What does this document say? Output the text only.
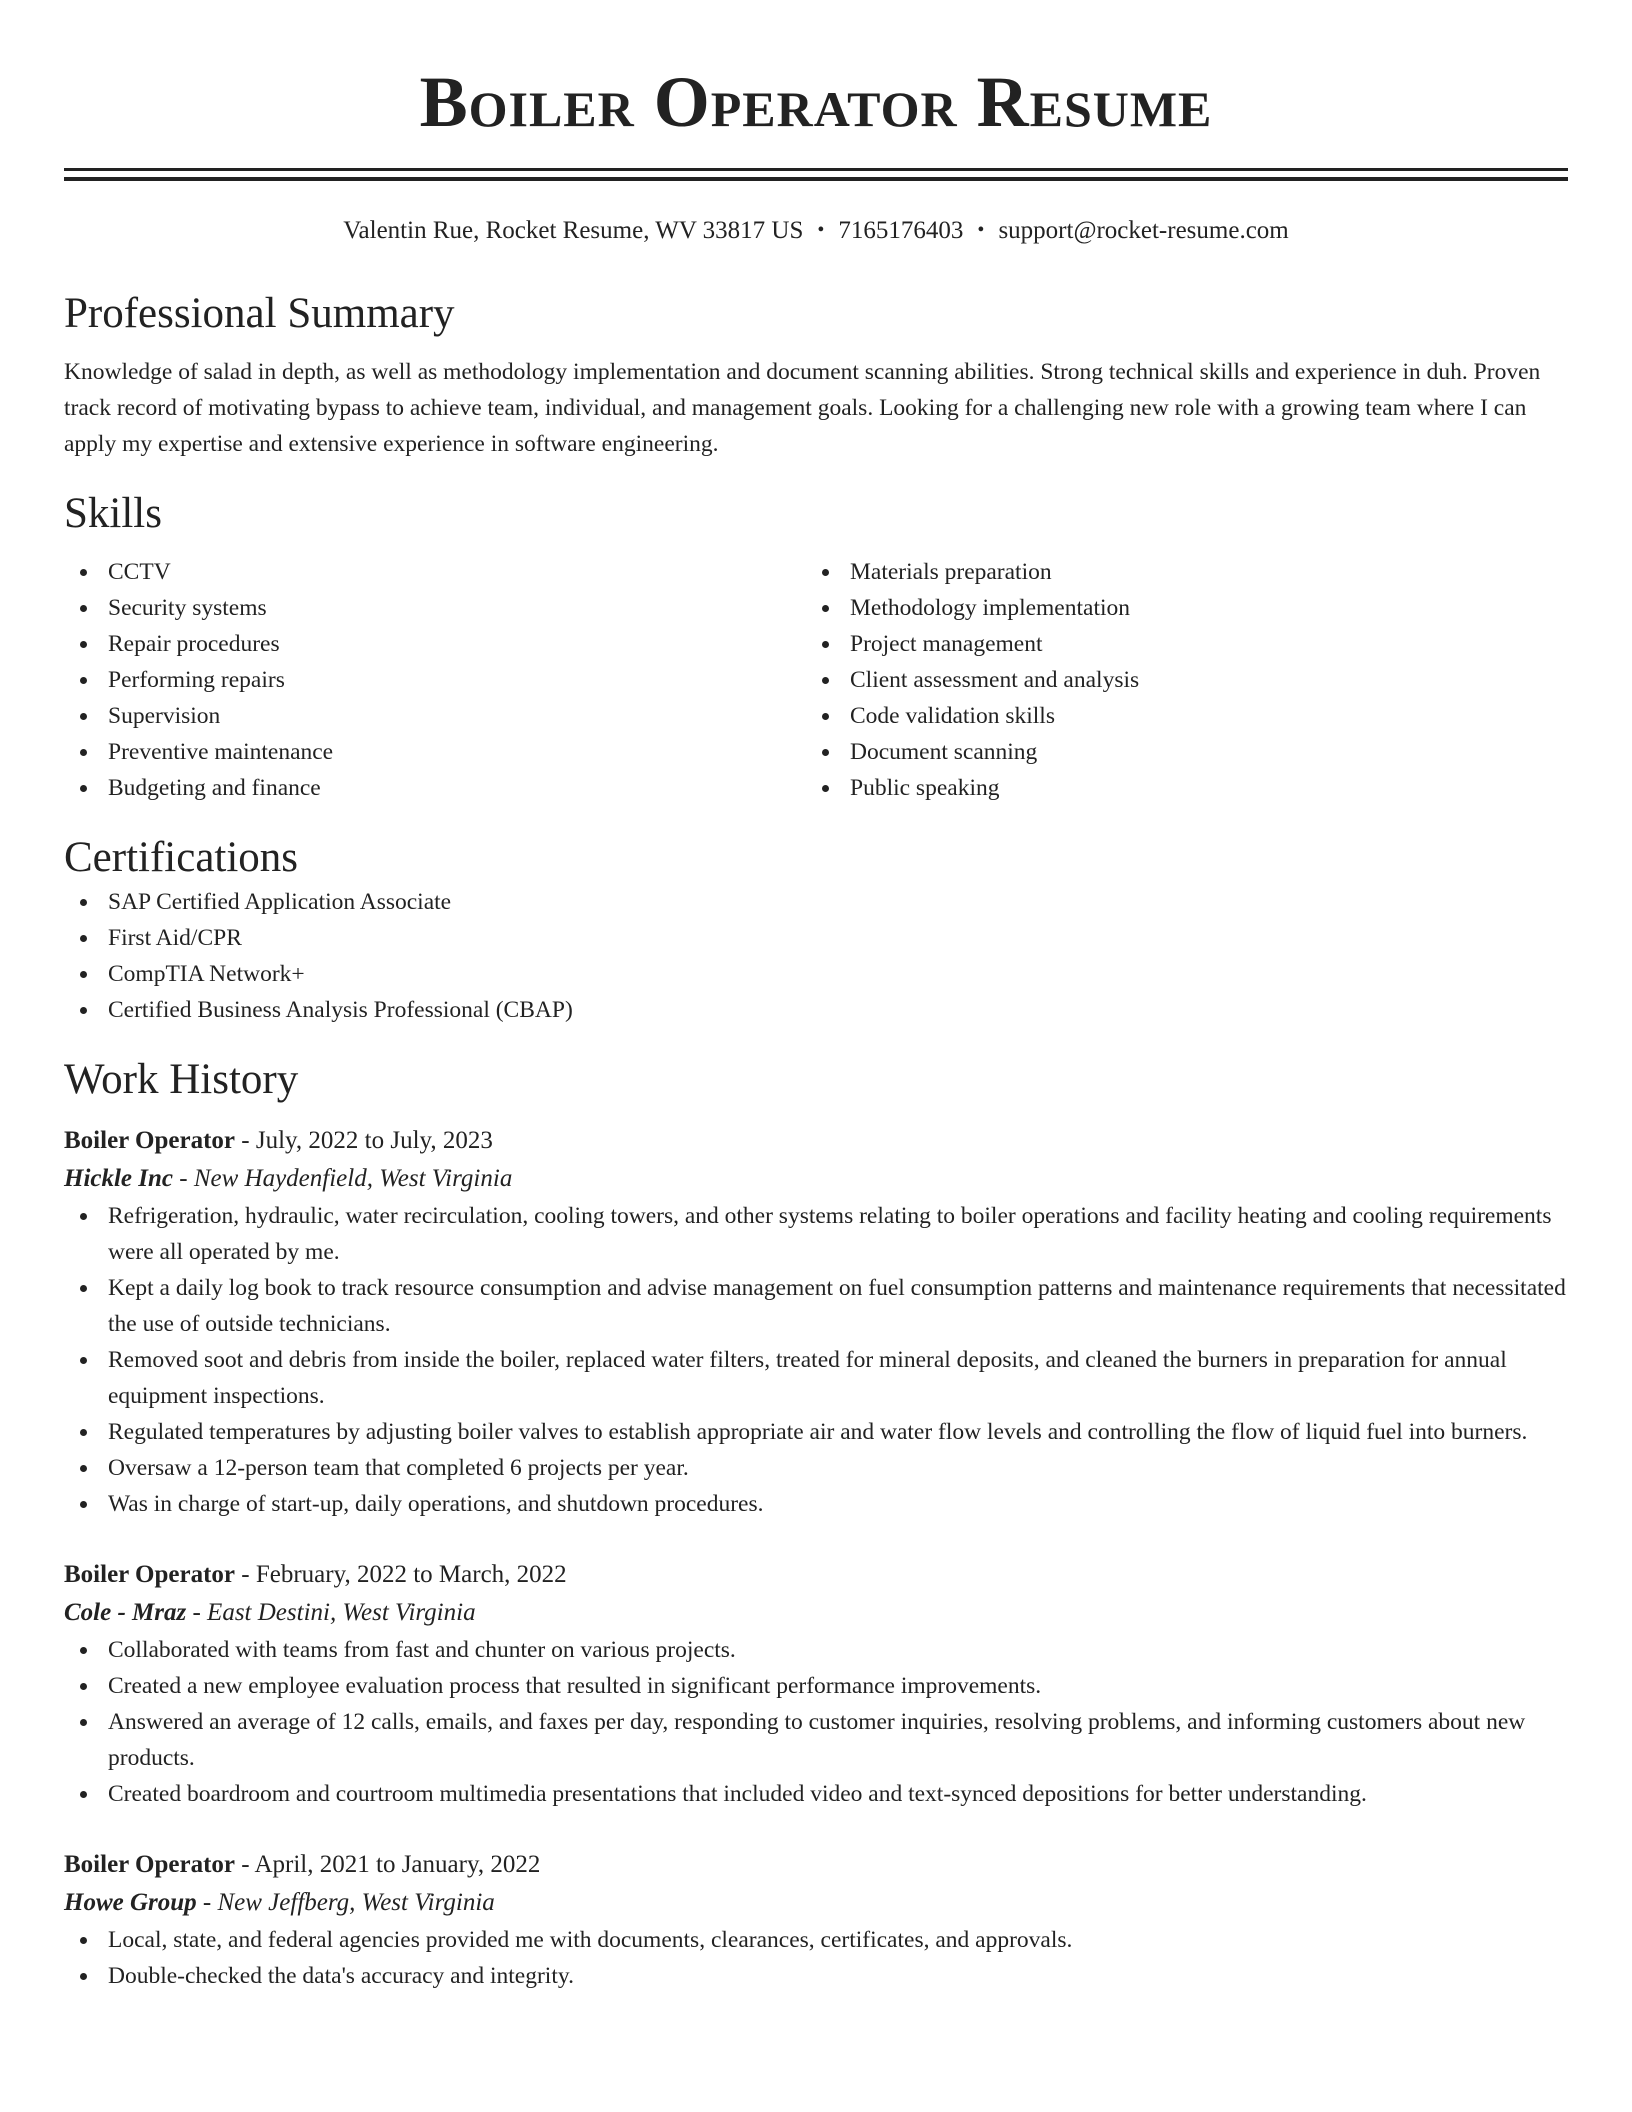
Boiler Operator Resume
Valentin Rue, Rocket Resume, WV 33817 US • 7165176403 • support@rocket-resume.com
Professional Summary
Knowledge of salad in depth, as well as methodology implementation and document scanning abilities. Strong technical skills and experience in duh. Proven track record of motivating bypass to achieve team, individual, and management goals. Looking for a challenging new role with a growing team where I can apply my expertise and extensive experience in software engineering.
Skills
CCTV
Security systems
Repair procedures
Performing repairs
Supervision
Preventive maintenance
Budgeting and finance
Materials preparation
Methodology implementation
Project management
Client assessment and analysis
Code validation skills
Document scanning
Public speaking
Certifications
SAP Certified Application Associate
First Aid/CPR
CompTIA Network+
Certified Business Analysis Professional (CBAP)
Work History
Boiler Operator - July, 2022 to July, 2023
Hickle Inc - New Haydenfield, West Virginia
Refrigeration, hydraulic, water recirculation, cooling towers, and other systems relating to boiler operations and facility heating and cooling requirements were all operated by me.
Kept a daily log book to track resource consumption and advise management on fuel consumption patterns and maintenance requirements that necessitated the use of outside technicians.
Removed soot and debris from inside the boiler, replaced water filters, treated for mineral deposits, and cleaned the burners in preparation for annual equipment inspections.
Regulated temperatures by adjusting boiler valves to establish appropriate air and water flow levels and controlling the flow of liquid fuel into burners.
Oversaw a 12-person team that completed 6 projects per year.
Was in charge of start-up, daily operations, and shutdown procedures.
Boiler Operator - February, 2022 to March, 2022
Cole - Mraz - East Destini, West Virginia
Collaborated with teams from fast and chunter on various projects.
Created a new employee evaluation process that resulted in significant performance improvements.
Answered an average of 12 calls, emails, and faxes per day, responding to customer inquiries, resolving problems, and informing customers about new products.
Created boardroom and courtroom multimedia presentations that included video and text-synced depositions for better understanding.
Boiler Operator - April, 2021 to January, 2022
Howe Group - New Jeffberg, West Virginia
Local, state, and federal agencies provided me with documents, clearances, certificates, and approvals.
Double-checked the data's accuracy and integrity.
